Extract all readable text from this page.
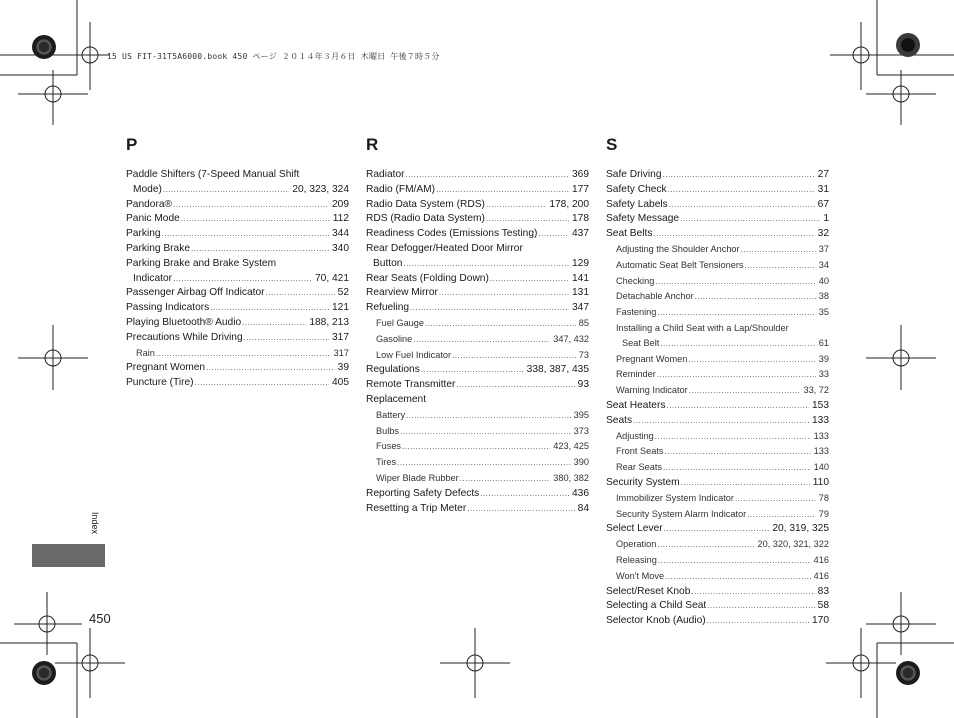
15 US FIT-31T5A6000.book 450 ページ ２０１４年３月６日 木曜日 午後７時５分
P
Paddle Shifters (7-Speed Manual Shift
Mode) .....	20, 323, 324
Pandora® .....	209
Panic Mode .....	112
Parking .....	344
Parking Brake .....	340
Parking Brake and Brake System
Indicator .....	70, 421
Passenger Airbag Off Indicator .....	52
Passing Indicators .....	121
Playing Bluetooth® Audio .....	188, 213
Precautions While Driving .....	317
Rain .....	317
Pregnant Women .....	39
Puncture (Tire) .....	405
R
Radiator .....	369
Radio (FM/AM) .....	177
Radio Data System (RDS) .....	178, 200
RDS (Radio Data System) .....	178
Readiness Codes (Emissions Testing) .....	437
Rear Defogger/Heated Door Mirror
Button .....	129
Rear Seats (Folding Down) .....	141
Rearview Mirror .....	131
Refueling .....	347
Fuel Gauge .....	85
Gasoline .....	347, 432
Low Fuel Indicator .....	73
Regulations .....	338, 387, 435
Remote Transmitter .....	93
Replacement
Battery .....	395
Bulbs .....	373
Fuses .....	423, 425
Tires .....	390
Wiper Blade Rubber .....	380, 382
Reporting Safety Defects .....	436
Resetting a Trip Meter .....	84
S
Safe Driving .....	27
Safety Check .....	31
Safety Labels .....	67
Safety Message .....	1
Seat Belts .....	32
Adjusting the Shoulder Anchor .....	37
Automatic Seat Belt Tensioners .....	34
Checking .....	40
Detachable Anchor .....	38
Fastening .....	35
Installing a Child Seat with a Lap/Shoulder
Seat Belt .....	61
Pregnant Women .....	39
Reminder .....	33
Warning Indicator .....	33, 72
Seat Heaters .....	153
Seats .....	133
Adjusting .....	133
Front Seats .....	133
Rear Seats .....	140
Security System .....	110
Immobilizer System Indicator .....	78
Security System Alarm Indicator .....	79
Select Lever .....	20, 319, 325
Operation .....	20, 320, 321, 322
Releasing .....	416
Won't Move .....	416
Select/Reset Knob .....	83
Selecting a Child Seat .....	58
Selector Knob (Audio) .....	170
Index
450
